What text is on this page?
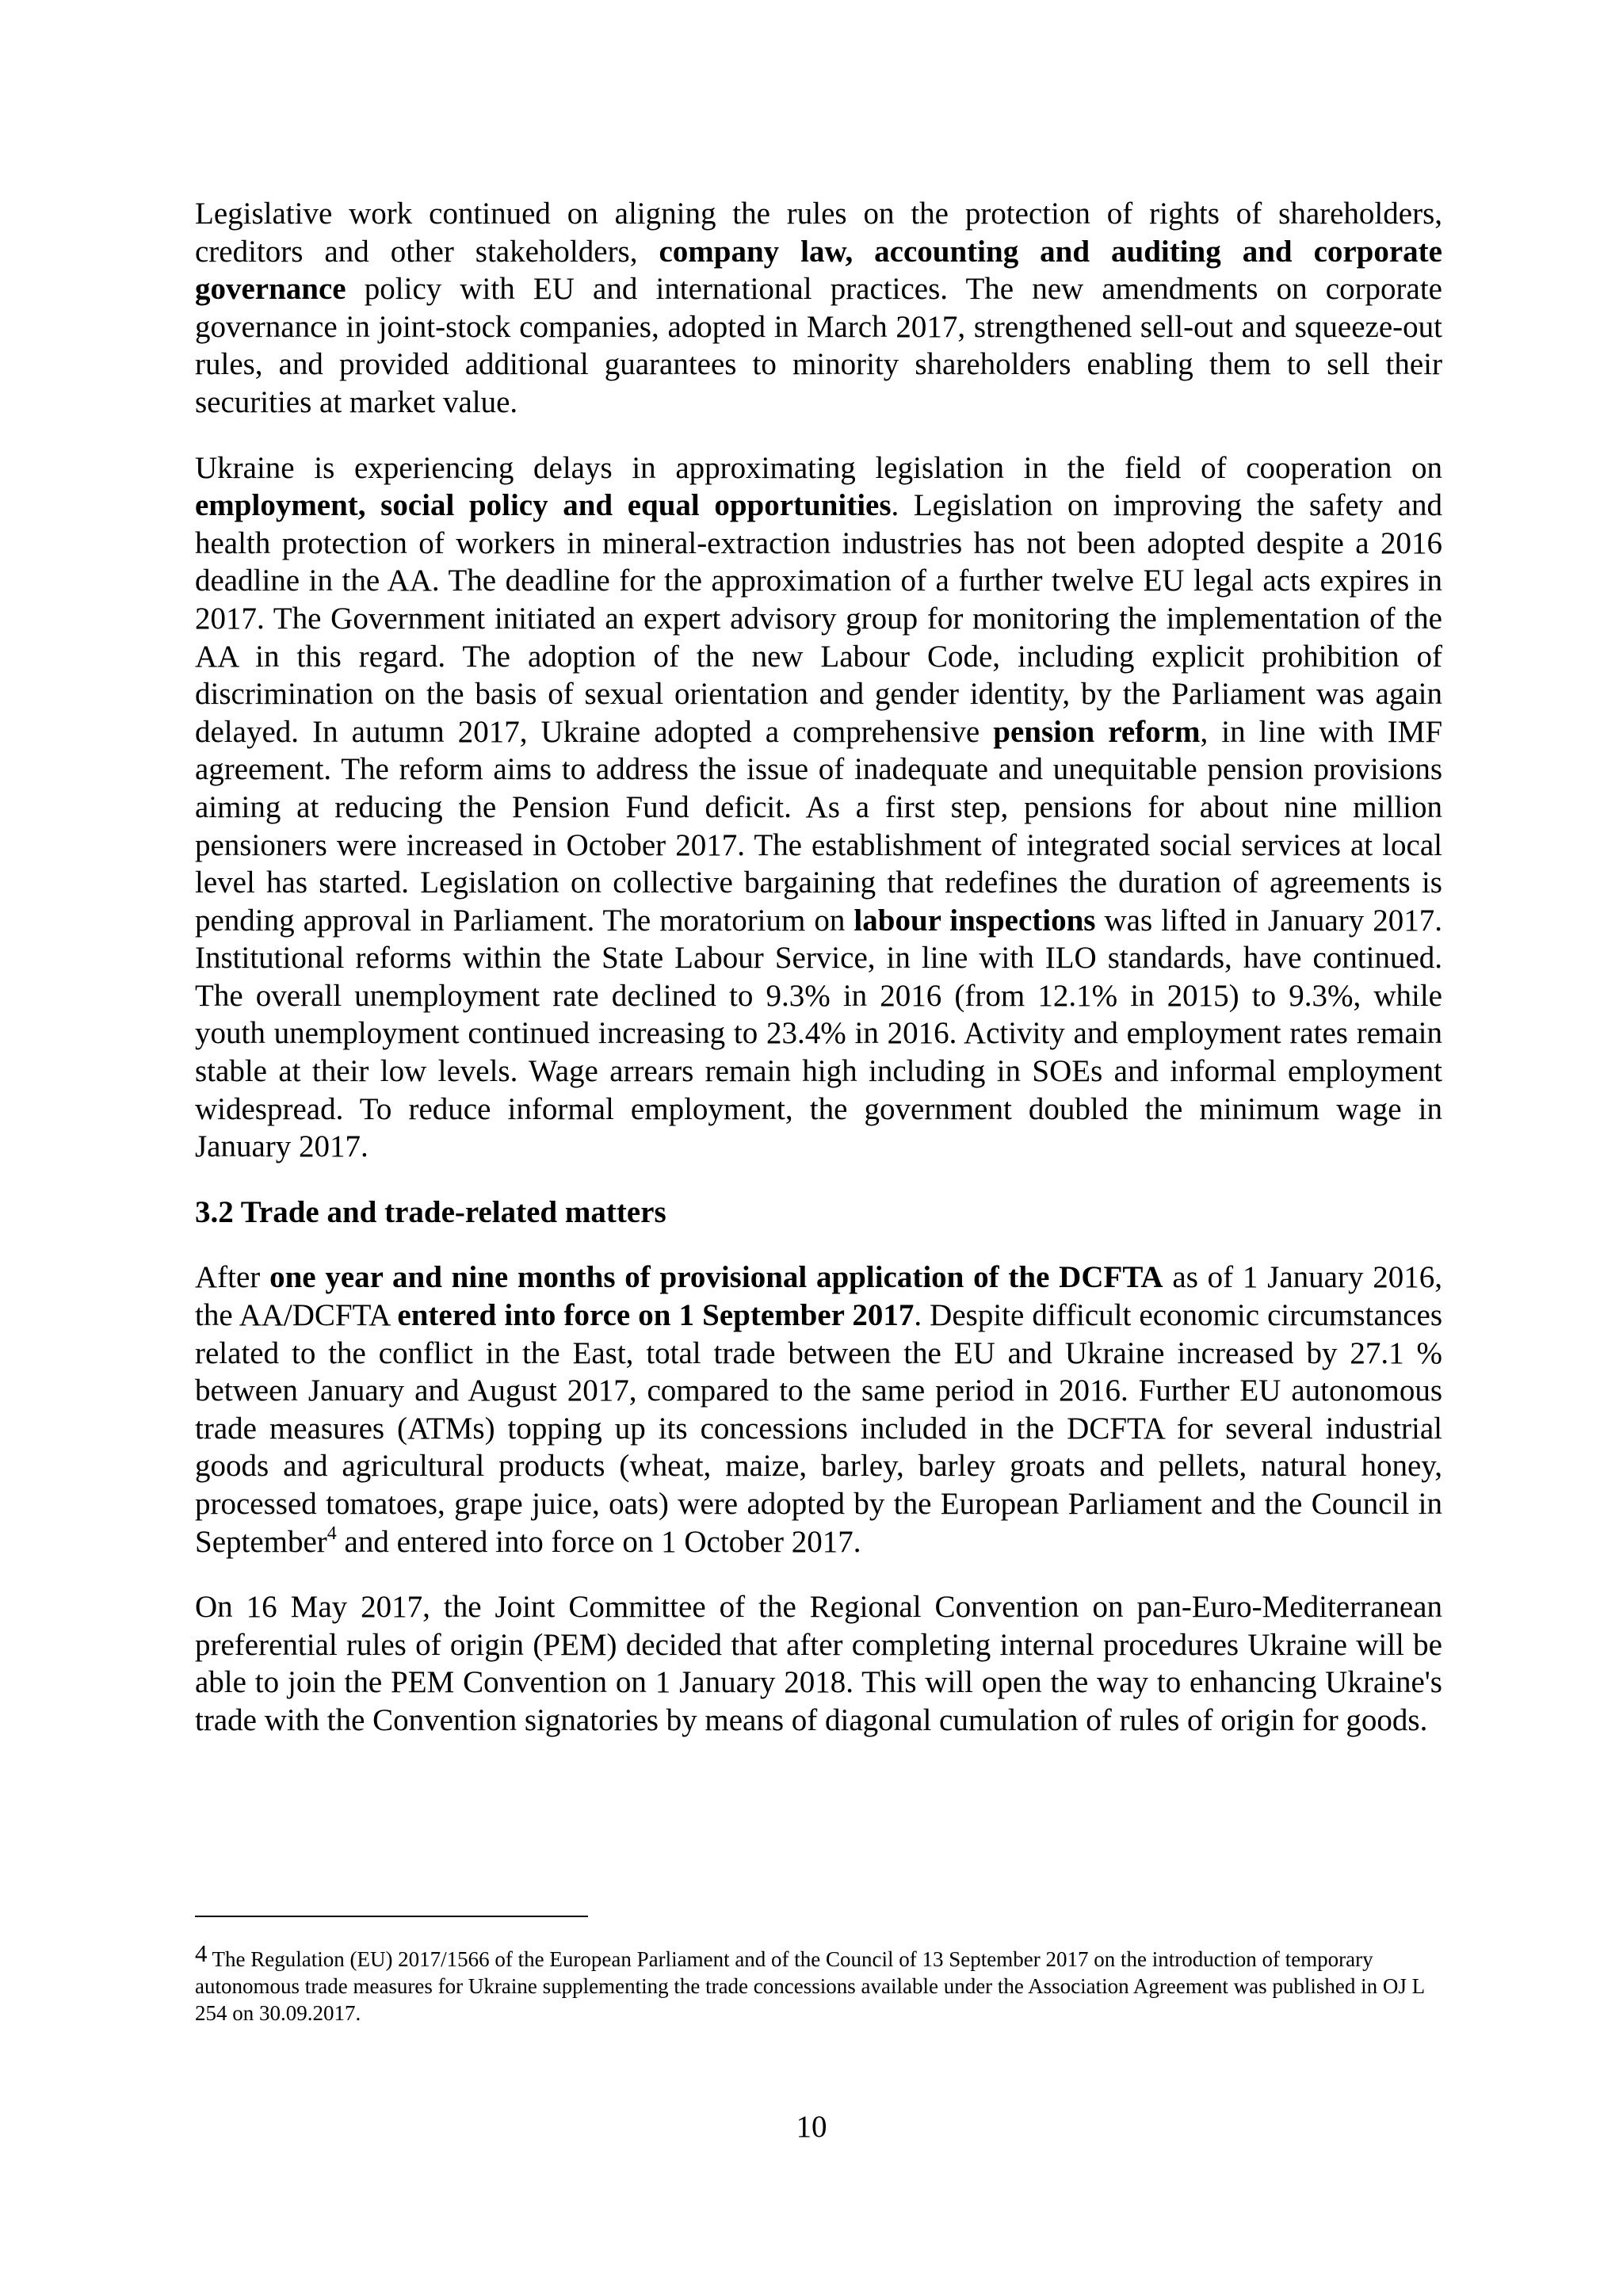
Legislative work continued on aligning the rules on the protection of rights of shareholders, creditors and other stakeholders, company law, accounting and auditing and corporate governance policy with EU and international practices. The new amendments on corporate governance in joint-stock companies, adopted in March 2017, strengthened sell-out and squeeze-out rules, and provided additional guarantees to minority shareholders enabling them to sell their securities at market value.

Ukraine is experiencing delays in approximating legislation in the field of cooperation on employment, social policy and equal opportunities. Legislation on improving the safety and health protection of workers in mineral-extraction industries has not been adopted despite a 2016 deadline in the AA. The deadline for the approximation of a further twelve EU legal acts expires in 2017. The Government initiated an expert advisory group for monitoring the implementation of the AA in this regard. The adoption of the new Labour Code, including explicit prohibition of discrimination on the basis of sexual orientation and gender identity, by the Parliament was again delayed. In autumn 2017, Ukraine adopted a comprehensive pension reform, in line with IMF agreement. The reform aims to address the issue of inadequate and unequitable pension provisions aiming at reducing the Pension Fund deficit. As a first step, pensions for about nine million pensioners were increased in October 2017. The establishment of integrated social services at local level has started. Legislation on collective bargaining that redefines the duration of agreements is pending approval in Parliament. The moratorium on labour inspections was lifted in January 2017. Institutional reforms within the State Labour Service, in line with ILO standards, have continued. The overall unemployment rate declined to 9.3% in 2016 (from 12.1% in 2015) to 9.3%, while youth unemployment continued increasing to 23.4% in 2016. Activity and employment rates remain stable at their low levels. Wage arrears remain high including in SOEs and informal employment widespread. To reduce informal employment, the government doubled the minimum wage in January 2017.

3.2 Trade and trade-related matters

After one year and nine months of provisional application of the DCFTA as of 1 January 2016, the AA/DCFTA entered into force on 1 September 2017. Despite difficult economic circumstances related to the conflict in the East, total trade between the EU and Ukraine increased by 27.1 % between January and August 2017, compared to the same period in 2016. Further EU autonomous trade measures (ATMs) topping up its concessions included in the DCFTA for several industrial goods and agricultural products (wheat, maize, barley, barley groats and pellets, natural honey, processed tomatoes, grape juice, oats) were adopted by the European Parliament and the Council in September$^4$ and entered into force on 1 October 2017.

On 16 May 2017, the Joint Committee of the Regional Convention on pan-Euro-Mediterranean preferential rules of origin (PEM) decided that after completing internal procedures Ukraine will be able to join the PEM Convention on 1 January 2018. This will open the way to enhancing Ukraine's trade with the Convention signatories by means of diagonal cumulation of rules of origin for goods.

4 The Regulation (EU) 2017/1566 of the European Parliament and of the Council of 13 September 2017 on the introduction of temporary autonomous trade measures for Ukraine supplementing the trade concessions available under the Association Agreement was published in OJ L 254 on 30.09.2017.
10
